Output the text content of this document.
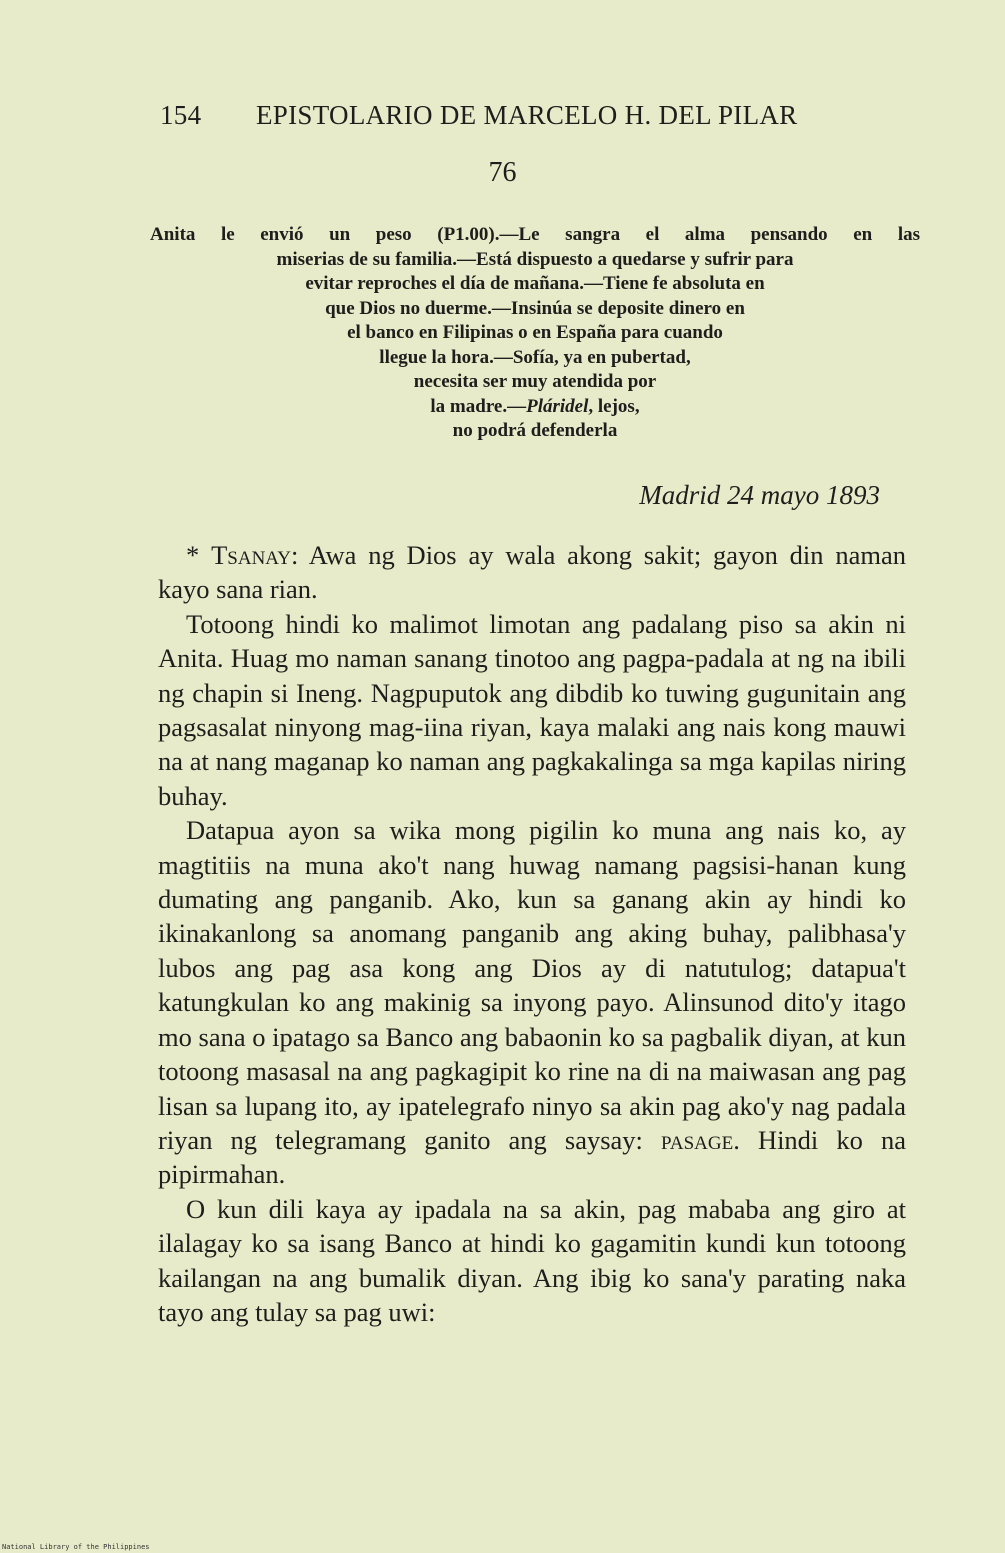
154 EPISTOLARIO DE MARCELO H. DEL PILAR
76
Anita le envió un peso (P1.00).—Le sangra el alma pensando en las
miserias de su familia.—Está dispuesto a quedarse y sufrir para
evitar reproches el día de mañana.—Tiene fe absoluta en
que Dios no duerme.—Insinúa se deposite dinero en
el banco en Filipinas o en España para cuando
llegue la hora.—Sofía, ya en pubertad,
necesita ser muy atendida por
la madre.—Pláridel, lejos,
no podrá defenderla
Madrid 24 mayo 1893

* Tsanay: Awa ng Dios ay wala akong sakit; gayon din naman kayo sana rian.

Totoong hindi ko malimot limotan ang padalang piso sa akin ni Anita. Huag mo naman sanang tinotoo ang pagpa-padala at ng na ibili ng chapin si Ineng. Nagpuputok ang dibdib ko tuwing gugunitain ang pagsasalat ninyong mag-iina riyan, kaya malaki ang nais kong mauwi na at nang maganap ko naman ang pagkakalinga sa mga kapilas niring buhay.

Datapua ayon sa wika mong pigilin ko muna ang nais ko, ay magtitiis na muna ako't nang huwag namang pagsisi-hanan kung dumating ang panganib. Ako, kun sa ganang akin ay hindi ko ikinakanlong sa anomang panganib ang aking buhay, palibhasa'y lubos ang pag asa kong ang Dios ay di natutulog; datapua't katungkulan ko ang makinig sa inyong payo. Alinsunod dito'y itago mo sana o ipatago sa Banco ang babaonin ko sa pagbalik diyan, at kun totoong masasal na ang pagkagipit ko rine na di na maiwasan ang pag lisan sa lupang ito, ay ipatelegrafo ninyo sa akin pag ako'y nag padala riyan ng telegramang ganito ang saysay: pasage. Hindi ko na pipirmahan.

O kun dili kaya ay ipadala na sa akin, pag mababa ang giro at ilalagay ko sa isang Banco at hindi ko gagamitin kundi kun totoong kailangan na ang bumalik diyan. Ang ibig ko sana'y parating naka tayo ang tulay sa pag uwi:

National Library of the Philippines
